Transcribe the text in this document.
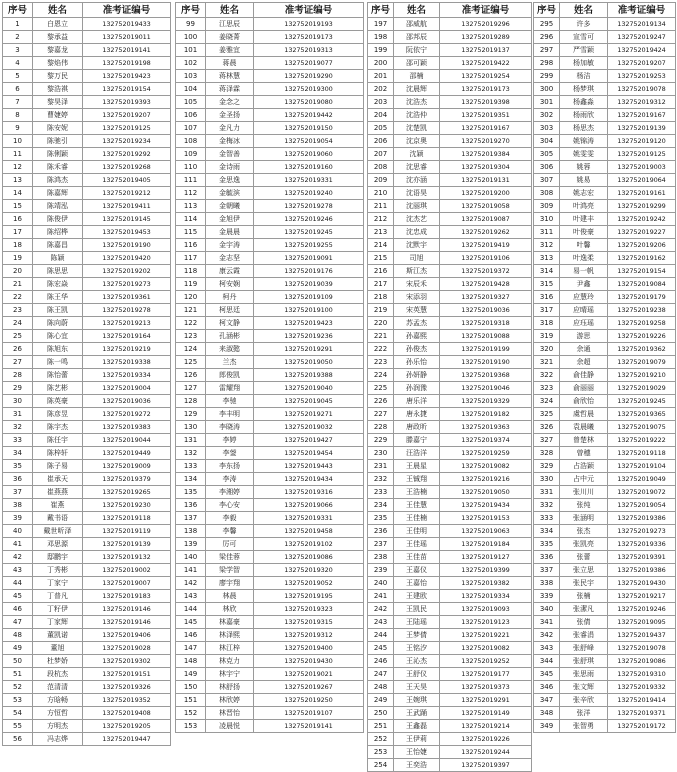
序号	姓名	准考证编号
1	白恩立	132752019433
2	黎承益	132752019011
3	黎嘉龙	132752019141
4	黎焰伟	132752019198
5	黎万民	132752019423
6	黎浩祺	132752019154
7	黎昊泽	132752019393
8	曹婕婷	132752019207
9	陈安妮	132752019125
10	陈驰引	132752019234
11	陈俐颖	132752019292
12	陈禾睿	132752019268
13	陈鸿杰	132752019405
14	陈嘉辉	132752019212
15	陈靖泓	132752019411
16	陈俊伊	132752019145
17	陈绍桦	132752019453
18	陈嘉昌	132752019190
19	陈颖	132752019420
20	陈思思	132752019202
21	陈宏焱	132752019273
22	陈王华	132752019361
23	陈王凯	132752019278
24	陈向蔚	132752019213
25	陈心宜	132752019164
26	陈旭东	132752019219
27	陈一鸣	132752019338
28	陈怡蕾	132752019334
29	陈艺彬	132752019004
30	陈英豪	132752019036
31	陈彦昱	132752019272
32	陈宇杰	132752019383
33	陈任宇	132752019044
34	陈梓轩	132752019449
35	陈子易	132752019009
36	崔承天	132752019379
37	崔燕燕	132752019265
38	崔燕	132752019230
39	戴书语	132752019118
40	戴世昕泽	132752019119
41	邓思源	132752019139
42	邸鹏宇	132752019132
43	丁秀彬	132752019002
44	丁家宁	132752019007
45	丁普凡	132752019183
46	丁籽伊	132752019146
47	丁家辉	132752019146
48	董凯诺	132752019406
49	董旭	132752019028
50	杜梦娇	132752019302
51	段杭杰	132752019151
52	范清清	132752019326
53	方晗畅	132752019352
54	方恒哲	132752019408
55	方明杰	132752019205
56	冯志烨	132752019447
序号	姓名	准考证编号
99	江思辰	132752019193
100	姜晓菁	132752019173
101	姜雅宜	132752019313
102	蒋晨	132752019077
103	蒋林慧	132752019290
104	蒋泽霖	132752019300
105	金念之	132752019080
106	金圣扬	132752019442
107	金凡力	132752019150
108	金梅冰	132752019054
109	金智善	132752019060
110	金诗雨	132752019160
111	金思逸	132752019331
112	金毓滨	132752019240
113	金朝曦	132752019278
114	金旭伊	132752019246
115	金晨晨	132752019245
116	金宇涛	132752019255
117	金志坚	132752019091
118	康云霞	132752019176
119	柯安娴	132752019039
120	柯丹	132752019109
121	柯思廷	132752019100
122	柯文静	132752019423
123	孔涵彬	132752019236
124	来淑懿	132752019291
125	兰杰	132752019050
126	郎俊凯	132752019388
127	雷耀翔	132752019040
128	李驰	132752019045
129	李丰明	132752019271
130	李晓涛	132752019032
131	李婷	132752019427
132	李蓥	132752019454
133	李东扬	132752019443
134	李涛	132752019434
135	李湘婷	132752019316
136	李心安	132752019066
137	李毅	132752019331
138	李馨	132752019458
139	厉可	132752019102
140	梁佳蓉	132752019086
141	梁学智	132752019320
142	廖宇翔	132752019052
143	林晨	132752019195
144	林欣	132752019323
145	林嘉豪	132752019315
146	林泽熙	132752019312
147	林江梓	132752019400
148	林克力	132752019430
149	林宇宁	132752019021
150	林舒扬	132752019267
151	林欣婷	132752019250
152	林晋怡	132752019107
153	凌晨悦	132752019141
序号	姓名	准考证编号
197	邵威航	132752019296
198	邵邦辰	132752019289
199	阮依宁	132752019137
200	邵可颖	132752019422
201	邵楠	132752019254
202	沈晨辉	132752019173
203	沈浩杰	132752019398
204	沈浩仲	132752019351
205	沈楚凯	132752019167
206	沈京奥	132752019270
207	沈颖	132752019384
208	沈思睿	132752019304
209	沈亦涵	132752019131
210	沈语昊	132752019200
211	沈丽琪	132752019058
212	沈杰艺	132752019087
213	沈忠成	132752019262
214	沈默宇	132752019419
215	司旭	132752019106
216	斯江杰	132752019372
217	宋辰禾	132752019428
218	宋添羽	132752019327
219	宋英慧	132752019036
220	苏孟杰	132752019318
221	孙嘉熙	132752019088
222	孙俊杰	132752019199
223	孙乐怡	132752019190
224	孙妍静	132752019368
225	孙润豫	132752019046
226	唐乐洋	132752019329
227	唐永捷	132752019182
228	唐政昕	132752019363
229	滕嘉宁	132752019374
230	汪浩洋	132752019259
231	王晨星	132752019082
232	王铖翔	132752019216
233	王浩楠	132752019050
234	王佳慧	132752019434
235	王佳楠	132752019153
236	王佳明	132752019063
237	王佳瑶	132752019184
238	王佳苗	132752019127
239	王嘉仪	132752019399
240	王嘉怡	132752019382
241	王建欧	132752019334
242	王凯民	132752019093
243	王陆瑶	132752019123
244	王梦倩	132752019221
245	王铭汐	132752019082
246	王沁杰	132752019252
247	王舒仪	132752019177
248	王天昊	132752019373
249	王婉琪	132752019291
250	王武踊	132752019149
251	王鑫磊	132752019214
252	王伊莉	132752019226
253	王怡婕	132752019244
254	王奕浩	132752019397
序号	姓名	准考证编号
295	许多	132752019134
296	宣雪可	132752019247
297	严雪颖	132752019424
298	杨加敏	132752019207
299	杨洁	132752019253
300	杨梦琪	132752019078
301	杨鑫淼	132752019312
302	杨雨欣	132752019167
303	杨思杰	132752019139
304	姚锦涛	132752019120
305	姚雯雯	132752019125
306	姚蓉	132752019003
307	姚易	132752019064
308	姚志宏	132752019161
309	叶鸿亮	132752019299
310	叶建丰	132752019242
311	叶俊豪	132752019227
312	叶馨	132752019206
313	叶逸柔	132752019162
314	易一帆	132752019154
315	尹鑫	132752019084
316	应慧玲	132752019179
317	应晴瑶	132752019238
318	应珏瑶	132752019258
319	游思	132752019226
320	余通	132752019362
321	余超	132752019079
322	俞佳静	132752019210
323	俞丽丽	132752019029
324	俞欣怡	132752019245
325	虞哲晨	132752019365
326	袁晨曦	132752019075
327	曾楚林	132752019222
328	曾穗	132752019118
329	占浩颖	132752019104
330	占中元	132752019049
331	张川川	132752019072
332	张纯	132752019054
333	张涵明	132752019386
334	张杰	132752019273
335	张凯亮	132752019336
336	张蕾	132752019391
337	张立思	132752019386
338	张民宇	132752019430
339	张楠	132752019217
340	张潔凡	132752019246
341	张倩	132752019095
342	张睿涓	132752019437
343	张舒峰	132752019078
344	张舒琪	132752019086
345	张思雨	132752019310
346	张文辉	132752019332
347	张辛欣	132752019414
348	张洋	132752019371
349	张智勇	132752019172
